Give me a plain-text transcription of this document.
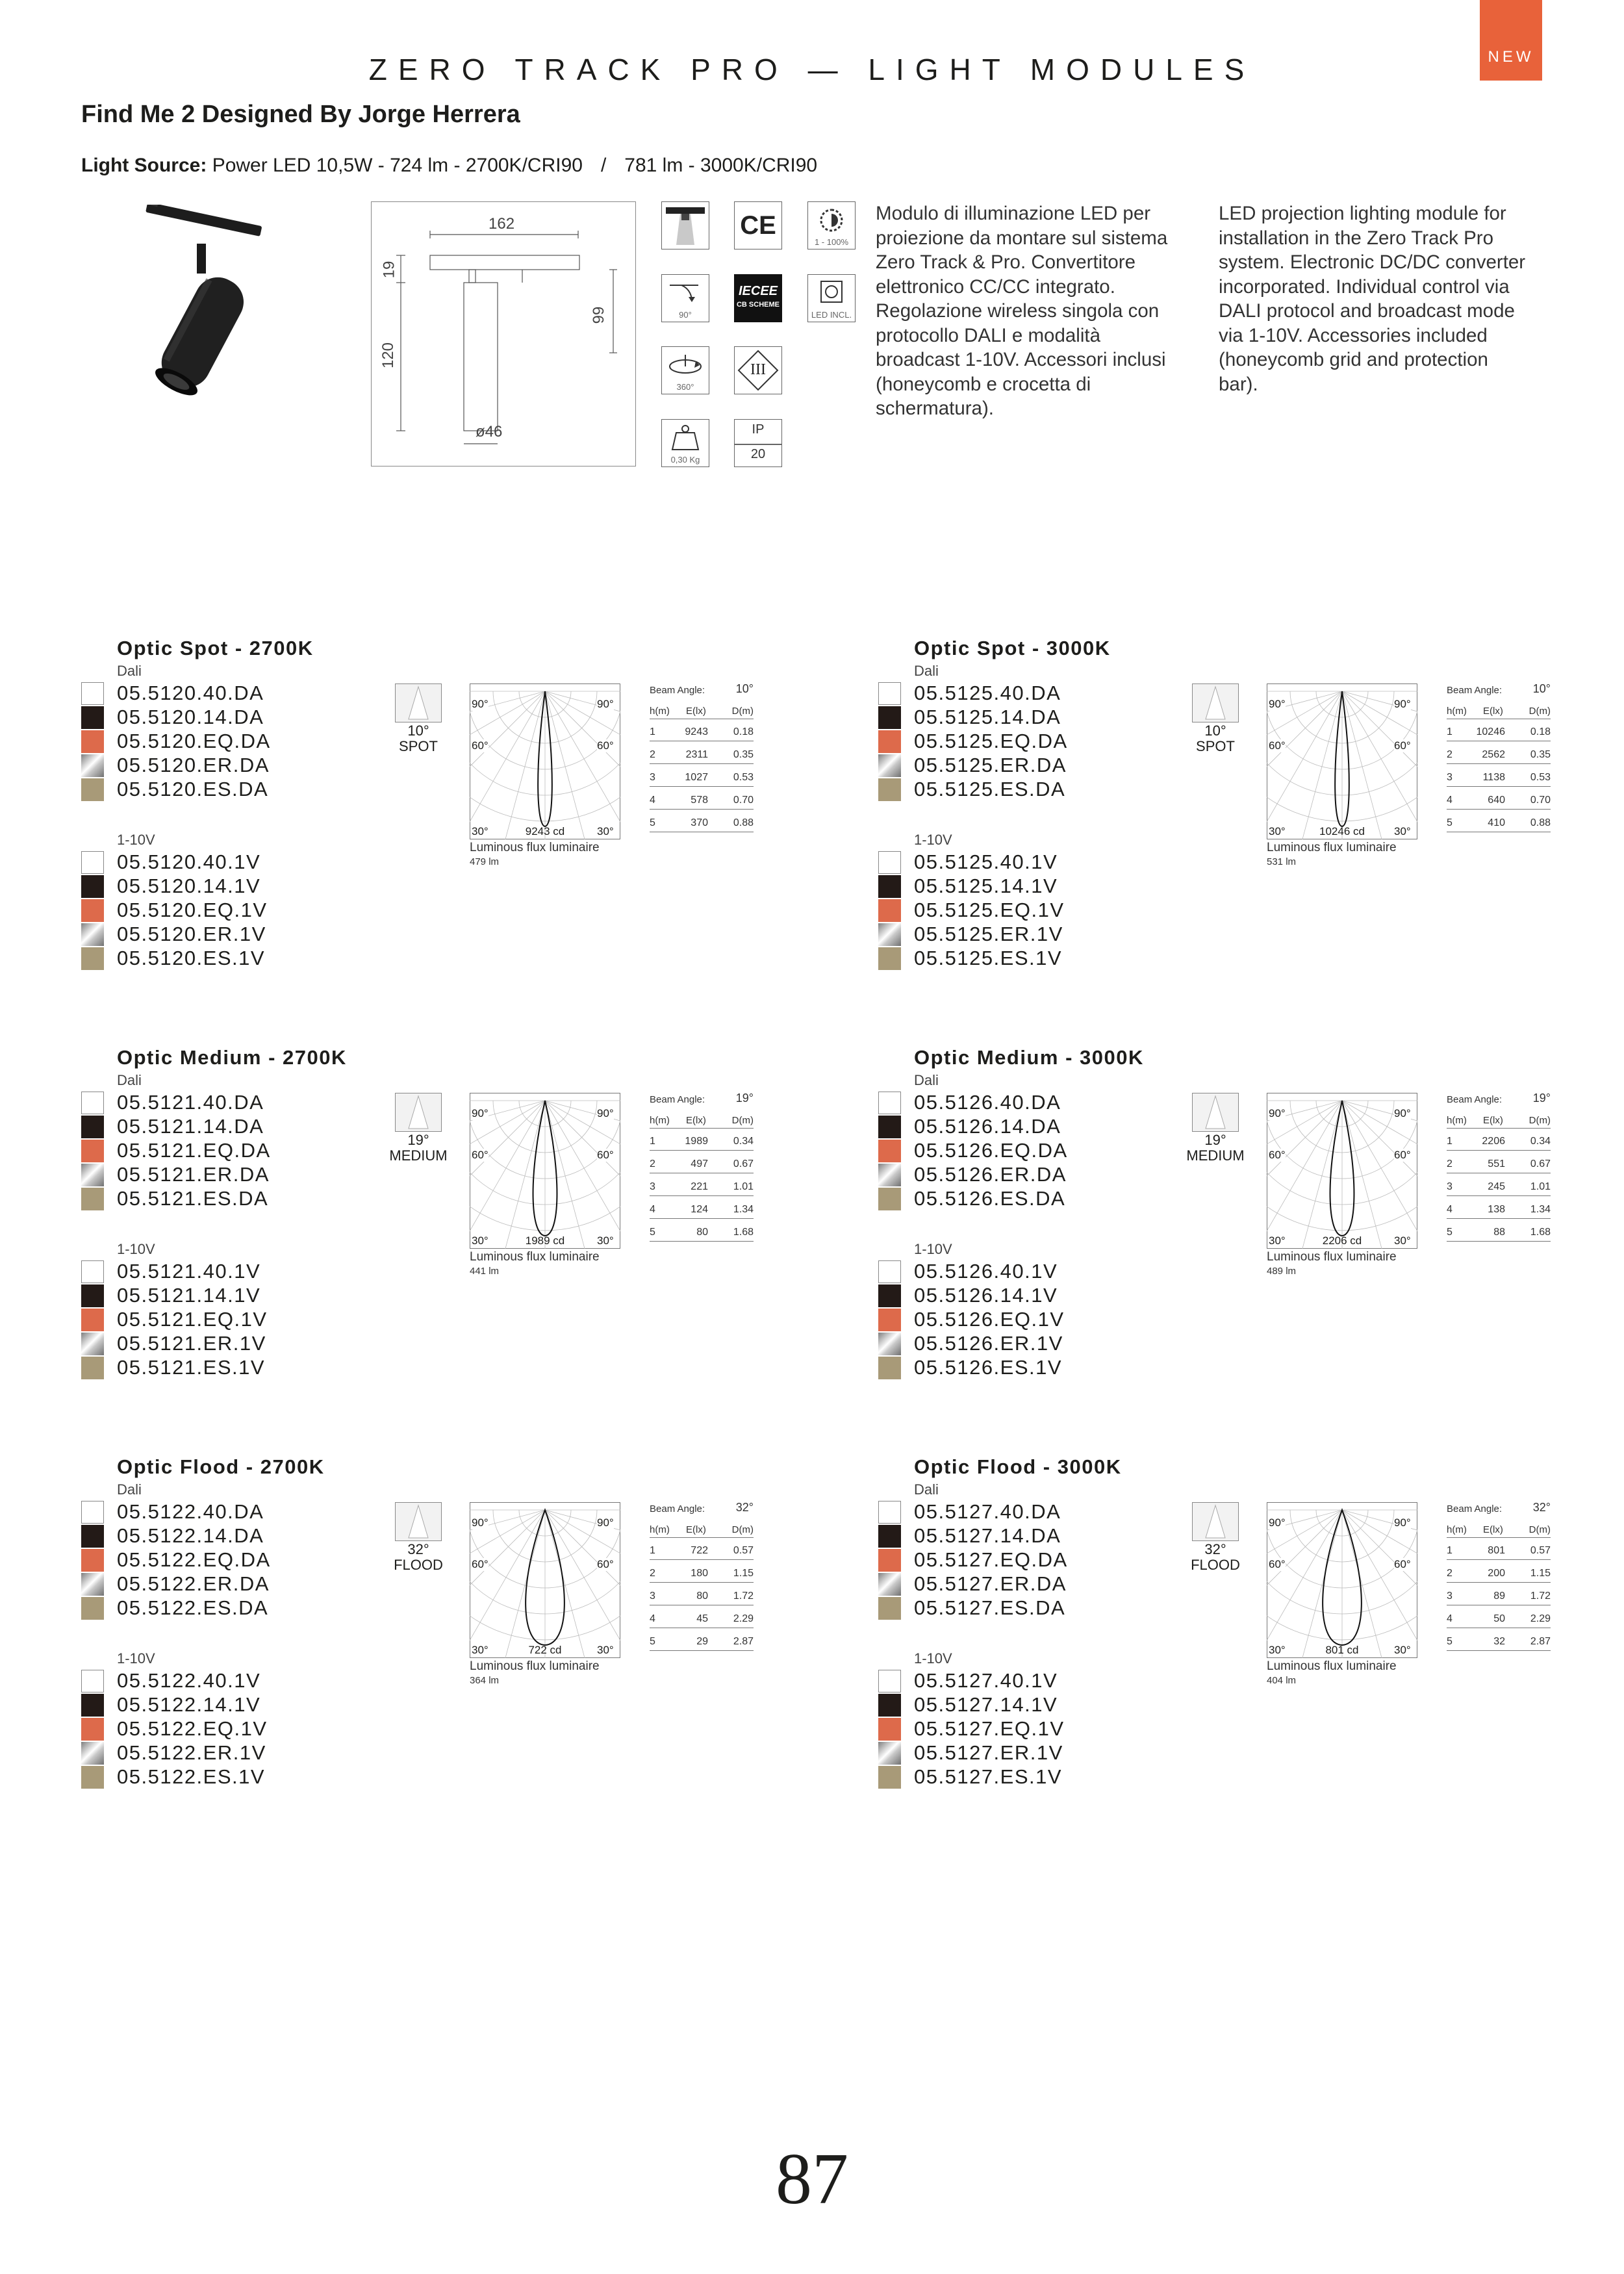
ZERO TRACK PRO — LIGHT MODULES	NEW
Find Me 2 Designed By Jorge Herrera
Light Source: Power LED 10,5W - 724 lm - 2700K/CRI90 / 781 lm - 3000K/CRI90
162
19
120
66
ø46
CE
1 - 100%
90°
IECEE
CB SCHEME
LED INCL.
360°
III
0,30 Kg
IP
20
Modulo di illuminazione LED per proiezione da montare sul sistema Zero Track & Pro. Convertitore elettronico CC/CC integrato. Regolazione wireless singola con protocollo DALI e modalità broadcast 1-10V. Accessori inclusi (honeycomb e crocetta di schermatura).
LED projection lighting module for installation in the Zero Track Pro system. Electronic DC/DC converter incorporated. Individual control via DALI protocol and broadcast mode via 1-10V. Accessories included (honeycomb grid and protection bar).
Optic Spot - 2700K
Dali
05.5120.40.DA
05.5120.14.DA
05.5120.EQ.DA
05.5120.ER.DA
05.5120.ES.DA
1-10V
05.5120.40.1V
05.5120.14.1V
05.5120.EQ.1V
05.5120.ER.1V
05.5120.ES.1V
10°
SPOT
90°	90°
60°	60°
30°	30°
9243 cd
Luminous flux luminaire
479 lm
Beam Angle:	10°
h(m) E(lx)	D(m)
1	9243 0.18
2	2311 0.35
3	1027 0.53
4	578 0.70
5	370 0.88
Optic Spot - 3000K
Dali
05.5125.40.DA
05.5125.14.DA
05.5125.EQ.DA
05.5125.ER.DA
05.5125.ES.DA
1-10V
05.5125.40.1V
05.5125.14.1V
05.5125.EQ.1V
05.5125.ER.1V
05.5125.ES.1V
10°
SPOT
90°	90°
60°	60°
30°	30°
10246 cd
Luminous flux luminaire
531 lm
Beam Angle:	10°
h(m) E(lx)	D(m)
1 10246 0.18
2	2562 0.35
3	1138 0.53
4	640 0.70
5	410 0.88
Optic Medium - 2700K
Dali
05.5121.40.DA
05.5121.14.DA
05.5121.EQ.DA
05.5121.ER.DA
05.5121.ES.DA
1-10V
05.5121.40.1V
05.5121.14.1V
05.5121.EQ.1V
05.5121.ER.1V
05.5121.ES.1V
19°
MEDIUM
90°	90°
60°	60°
30°	30°
1989 cd
Luminous flux luminaire
441 lm
Beam Angle:	19°
h(m) E(lx)	D(m)
1	1989 0.34
2	497 0.67
3	221 1.01
4	124 1.34
5	80 1.68
Optic Medium - 3000K
Dali
05.5126.40.DA
05.5126.14.DA
05.5126.EQ.DA
05.5126.ER.DA
05.5126.ES.DA
1-10V
05.5126.40.1V
05.5126.14.1V
05.5126.EQ.1V
05.5126.ER.1V
05.5126.ES.1V
19°
MEDIUM
90°	90°
60°	60°
30°	30°
2206 cd
Luminous flux luminaire
489 lm
Beam Angle:	19°
h(m) E(lx)	D(m)
1	2206 0.34
2	551 0.67
3	245 1.01
4	138 1.34
5	88 1.68
Optic Flood - 2700K
Dali
05.5122.40.DA
05.5122.14.DA
05.5122.EQ.DA
05.5122.ER.DA
05.5122.ES.DA
1-10V
05.5122.40.1V
05.5122.14.1V
05.5122.EQ.1V
05.5122.ER.1V
05.5122.ES.1V
32°
FLOOD
90°	90°
60°	60°
30°	30°
722 cd
Luminous flux luminaire
364 lm
Beam Angle:	32°
h(m) E(lx)	D(m)
1	722 0.57
2	180 1.15
3	80 1.72
4	45 2.29
5	29 2.87
Optic Flood - 3000K
Dali
05.5127.40.DA
05.5127.14.DA
05.5127.EQ.DA
05.5127.ER.DA
05.5127.ES.DA
1-10V
05.5127.40.1V
05.5127.14.1V
05.5127.EQ.1V
05.5127.ER.1V
05.5127.ES.1V
32°
FLOOD
90°	90°
60°	60°
30°	30°
801 cd
Luminous flux luminaire
404 lm
Beam Angle:	32°
h(m) E(lx)	D(m)
1	801 0.57
2	200 1.15
3	89 1.72
4	50 2.29
5	32 2.87
87
